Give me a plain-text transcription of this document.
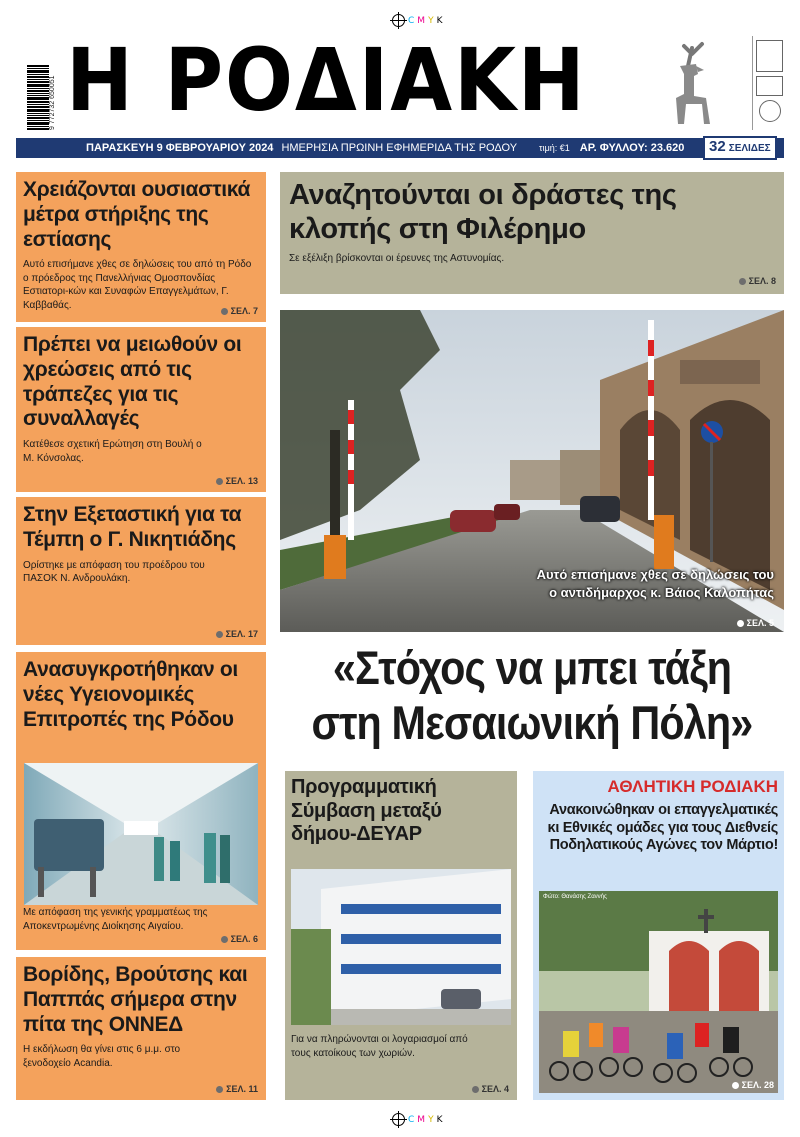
C M Y K
C M Y K
9 772732 650051 Η ΡΟΔΙΑΚΗ
ΠΑΡΑΣΚΕΥΗ 9 ΦΕΒΡΟΥΑΡΙΟΥ 2024 ΗΜΕΡΗΣΙΑ ΠΡΩΙΝΗ ΕΦΗΜΕΡΙΔΑ ΤΗΣ ΡΟΔΟΥ τιμή: €1 ΑΡ. ΦΥΛΛΟΥ: 23.620 32 ΣΕΛΙΔΕΣ
Χρειάζονται ουσιαστικά μέτρα στήριξης της εστίασης
Αυτό επισήμανε χθες σε δηλώσεις του από τη Ρόδο ο πρόεδρος της Πανελλήνιας Ομοσπονδίας Εστιατορι-κών και Συναφών Επαγγελμάτων, Γ. Καββαθάς.
ΣΕΛ. 7
Πρέπει να μειωθούν οι χρεώσεις από τις τράπεζες για τις συναλλαγές
Κατέθεσε σχετική Ερώτηση στη Βουλή ο Μ. Κόνσολας.
ΣΕΛ. 13
Στην Εξεταστική για τα Τέμπη ο Γ. Νικητιάδης
Ορίστηκε με απόφαση του προέδρου του ΠΑΣΟΚ Ν. Ανδρουλάκη.
ΣΕΛ. 17
Ανασυγκροτήθηκαν οι νέες Υγειονομικές Επιτροπές της Ρόδου
Με απόφαση της γενικής γραμματέως της Αποκεντρωμένης Διοίκησης Αιγαίου.
ΣΕΛ. 6
Βορίδης, Βρούτσης και Παππάς σήμερα στην πίτα της ΟΝΝΕΔ
Η εκδήλωση θα γίνει στις 6 μ.μ. στο ξενοδοχείο Acandia.
ΣΕΛ. 11
Αναζητούνται οι δράστες της κλοπής στη Φιλέρημο
Σε εξέλιξη βρίσκονται οι έρευνες της Αστυνομίας.
ΣΕΛ. 8
Αυτό επισήμανε χθες σε δηλώσεις του
ο αντιδήμαρχος κ. Βάιος Καλοπήτας
ΣΕΛ. 5
«Στόχος να μπει τάξη
στη Μεσαιωνική Πόλη»
Προγραμματική Σύμβαση μεταξύ δήμου-ΔΕΥΑΡ
Για να πληρώνονται οι λογαριασμοί από τους κατοίκους των χωριών.
ΣΕΛ. 4
ΑΘΛΗΤΙΚΗ ΡΟΔΙΑΚΗ
Ανακοινώθηκαν οι επαγγελματικές κι Εθνικές ομάδες για τους Διεθνείς Ποδηλατικούς Αγώνες τον Μάρτιο!
Φώτο: Θανάσης Ζαννής
ΣΕΛ. 28
